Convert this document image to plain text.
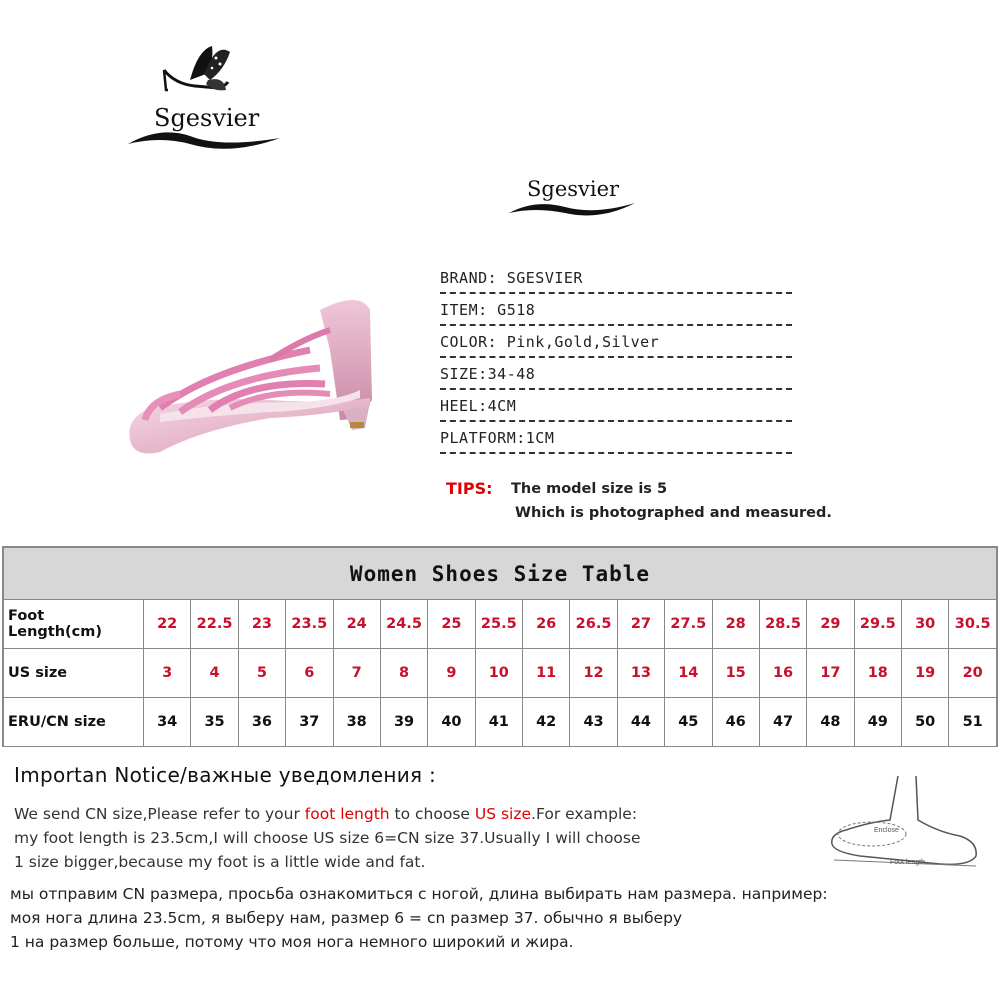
Sgesvier
Sgesvier
BRAND: SGESVIER
ITEM: G518
COLOR: Pink,Gold,Silver
SIZE:34-48
HEEL:4CM
PLATFORM:1CM
TIPS: The model size is 5
Which is photographed and measured.
Women Shoes Size Table																		
Foot Length(cm)	22	22.5	23	23.5	24	24.5	25	25.5	26	26.5	27	27.5	28	28.5	29	29.5	30	30.5
US size	3	4	5	6	7	8	9	10	11	12	13	14	15	16	17	18	19	20
ERU/CN size	34	35	36	37	38	39	40	41	42	43	44	45	46	47	48	49	50	51
Importan Notice/важные уведомления :
We send CN size,Please refer to your foot length to choose US size.For example:
my foot length is 23.5cm,I will choose US size 6=CN size 37.Usually I will choose
1 size bigger,because my foot is a little wide and fat.
мы отправим CN размера, просьба ознакомиться с ногой, длина выбирать нам размера. например:
моя нога длина 23.5cm, я выберу нам, размер 6 = cn размер 37. обычно я выберу
1 на размер больше, потому что моя нога немного широкий и жира.
Enclose
Foot length
